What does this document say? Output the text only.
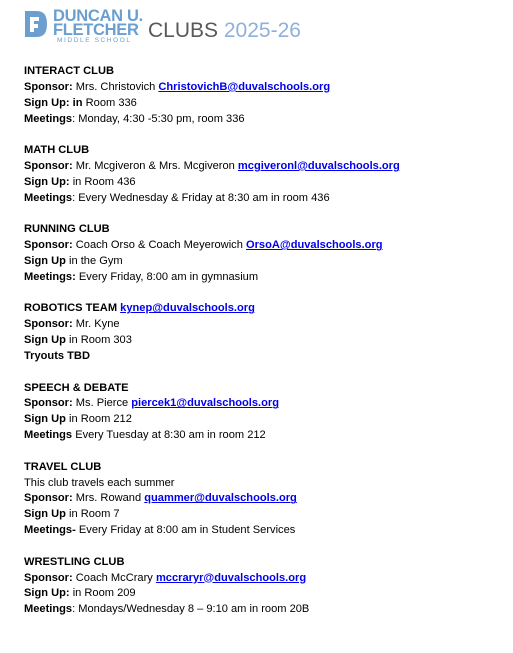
DUNCAN U.
FLETCHER
MIDDLE SCHOOL CLUBS 2025-26
INTERACT CLUB
Sponsor: Mrs. Christovich ChristovichB@duvalschools.org
Sign Up: in Room 336
Meetings: Monday, 4:30 -5:30 pm, room 336
MATH CLUB
Sponsor: Mr. Mcgiveron & Mrs. Mcgiveron mcgiveronl@duvalschools.org
Sign Up: in Room 436
Meetings: Every Wednesday & Friday at 8:30 am in room 436
RUNNING CLUB
Sponsor: Coach Orso & Coach Meyerowich OrsoA@duvalschools.org
Sign Up in the Gym
Meetings: Every Friday, 8:00 am in gymnasium
ROBOTICS TEAM kynep@duvalschools.org
Sponsor: Mr. Kyne
Sign Up in Room 303
Tryouts TBD
SPEECH & DEBATE
Sponsor: Ms. Pierce piercek1@duvalschools.org
Sign Up in Room 212
Meetings Every Tuesday at 8:30 am in room 212
TRAVEL CLUB
This club travels each summer
Sponsor: Mrs. Rowand quammer@duvalschools.org
Sign Up in Room 7
Meetings- Every Friday at 8:00 am in Student Services
WRESTLING CLUB
Sponsor: Coach McCrary mccraryr@duvalschools.org
Sign Up: in Room 209
Meetings: Mondays/Wednesday 8 – 9:10 am in room 20B
